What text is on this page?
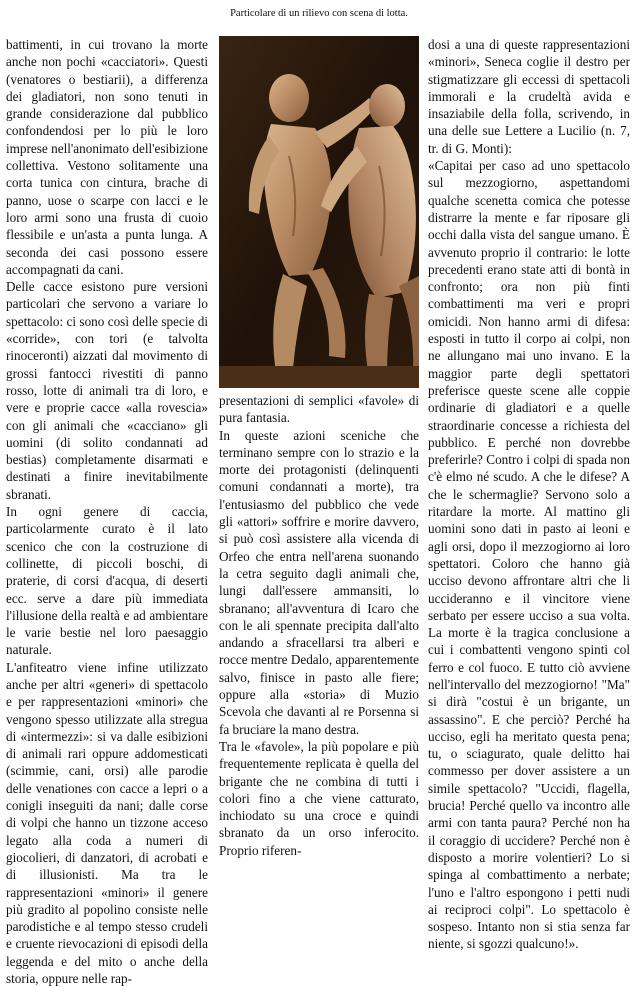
Particolare di un rilievo con scena di lotta.

battimenti, in cui trovano la morte anche non pochi «cacciatori». Questi (venatores o bestiarii), a differenza dei gladiatori, non sono tenuti in grande considerazione dal pubblico confondendosi per lo più le loro imprese nell'anonimato dell'esibizione collettiva. Vestono solitamente una corta tunica con cintura, brache di panno, uose o scarpe con lacci e le loro armi sono una frusta di cuoio flessibile e un'asta a punta lunga. A seconda dei casi possono essere accompagnati da cani.

Delle cacce esistono pure versioni particolari che servono a variare lo spettacolo: ci sono così delle specie di «corride», con tori (e talvolta rinoceronti) aizzati dal movimento di grossi fantocci rivestiti di panno rosso, lotte di animali tra di loro, e vere e proprie cacce «alla rovescia» con gli animali che «cacciano» gli uomini (di solito condannati ad bestias) completamente disarmati e destinati a finire inevitabilmente sbranati.

In ogni genere di caccia, particolarmente curato è il lato scenico che con la costruzione di collinette, di piccoli boschi, di praterie, di corsi d'acqua, di deserti ecc. serve a dare più immediata l'illusione della realtà e ad ambientare le varie bestie nel loro paesaggio naturale.

L'anfiteatro viene infine utilizzato anche per altri «generi» di spettacolo e per rappresentazioni «minori» che vengono spesso utilizzate alla stregua di «intermezzi»: si va dalle esibizioni di animali rari oppure addomesticati (scimmie, cani, orsi) alle parodie delle venationes con cacce a lepri o a conigli inseguiti da nani; dalle corse di volpi che hanno un tizzone acceso legato alla coda a numeri di giocolieri, di danzatori, di acrobati e di illusionisti. Ma tra le rappresentazioni «minori» il genere più gradito al popolino consiste nelle parodistiche e al tempo stesso crudeli e cruente rievocazioni di episodi della leggenda e del mito o anche della storia, oppure nelle rap-

presentazioni di semplici «favole» di pura fantasia.

In queste azioni sceniche che terminano sempre con lo strazio e la morte dei protagonisti (delinquenti comuni condannati a morte), tra l'entusiasmo del pubblico che vede gli «attori» soffrire e morire davvero, si può così assistere alla vicenda di Orfeo che entra nell'arena suonando la cetra seguito dagli animali che, lungi dall'essere ammansiti, lo sbranano; all'avventura di Icaro che con le ali spennate precipita dall'alto andando a sfracellarsi tra alberi e rocce mentre Dedalo, apparentemente salvo, finisce in pasto alle fiere; oppure alla «storia» di Muzio Scevola che davanti al re Porsenna si fa bruciare la mano destra.

Tra le «favole», la più popolare e più frequentemente replicata è quella del brigante che ne combina di tutti i colori fino a che viene catturato, inchiodato su una croce e quindi sbranato da un orso inferocito. Proprio riferen-

dosi a una di queste rappresentazioni «minori», Seneca coglie il destro per stigmatizzare gli eccessi di spettacoli immorali e la crudeltà avida e insaziabile della folla, scrivendo, in una delle sue Lettere a Lucilio (n. 7, tr. di G. Monti):

«Capitai per caso ad uno spettacolo sul mezzogiorno, aspettandomi qualche scenetta comica che potesse distrarre la mente e far riposare gli occhi dalla vista del sangue umano. È avvenuto proprio il contrario: le lotte precedenti erano state atti di bontà in confronto; ora non più finti combattimenti ma veri e propri omicidi. Non hanno armi di difesa: esposti in tutto il corpo ai colpi, non ne allungano mai uno invano. E la maggior parte degli spettatori preferisce queste scene alle coppie ordinarie di gladiatori e a quelle straordinarie concesse a richiesta del pubblico. E perché non dovrebbe preferirle? Contro i colpi di spada non c'è elmo né scudo. A che le difese? A che le schermaglie? Servono solo a ritardare la morte. Al mattino gli uomini sono dati in pasto ai leoni e agli orsi, dopo il mezzogiorno ai loro spettatori. Coloro che hanno già ucciso devono affrontare altri che li uccideranno e il vincitore viene serbato per essere ucciso a sua volta. La morte è la tragica conclusione a cui i combattenti vengono spinti col ferro e col fuoco. E tutto ciò avviene nell'intervallo del mezzogiorno! "Ma" si dirà "costui è un brigante, un assassino". E che perciò? Perché ha ucciso, egli ha meritato questa pena; tu, o sciagurato, quale delitto hai commesso per dover assistere a un simile spettacolo? "Uccidi, flagella, brucia! Perché quello va incontro alle armi con tanta paura? Perché non ha il coraggio di uccidere? Perché non è disposto a morire volentieri? Lo si spinga al combattimento a nerbate; l'uno e l'altro espongono i petti nudi ai reciproci colpi". Lo spettacolo è sospeso. Intanto non si stia senza far niente, si sgozzi qualcuno!».
